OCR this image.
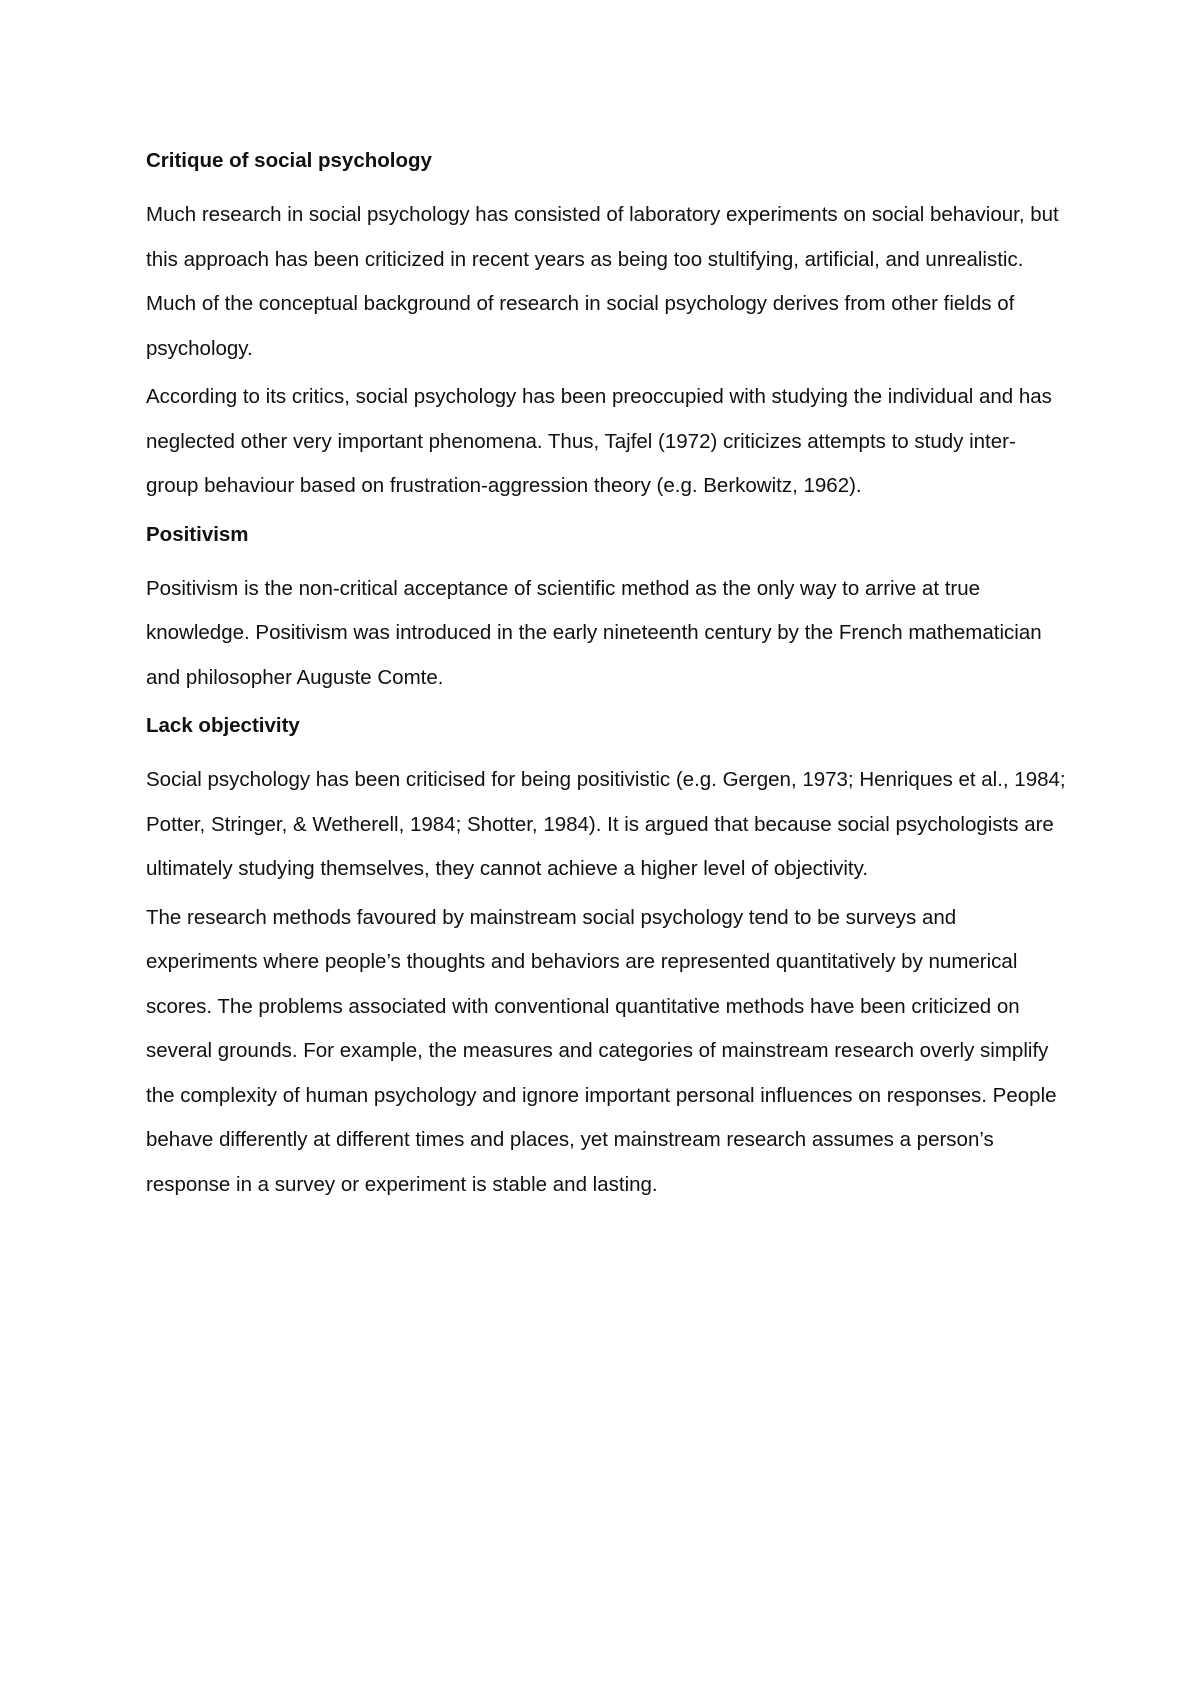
Critique of social psychology
Much research in social psychology has consisted of laboratory experiments on social behaviour, but this approach has been criticized in recent years as being too stultifying, artificial, and unrealistic. Much of the conceptual background of research in social psychology derives from other fields of psychology.
According to its critics, social psychology has been preoccupied with studying the individual and has neglected other very important phenomena. Thus, Tajfel (1972) criticizes attempts to study inter-group behaviour based on frustration-aggression theory (e.g. Berkowitz, 1962).
Positivism
Positivism is the non-critical acceptance of scientific method as the only way to arrive at true knowledge. Positivism was introduced in the early nineteenth century by the French mathematician and philosopher Auguste Comte.
Lack objectivity
Social psychology has been criticised for being positivistic (e.g. Gergen, 1973; Henriques et al., 1984; Potter, Stringer, & Wetherell, 1984; Shotter, 1984). It is argued that because social psychologists are ultimately studying themselves, they cannot achieve a higher level of objectivity.
The research methods favoured by mainstream social psychology tend to be surveys and experiments where people’s thoughts and behaviors are represented quantitatively by numerical scores. The problems associated with conventional quantitative methods have been criticized on several grounds. For example, the measures and categories of mainstream research overly simplify the complexity of human psychology and ignore important personal influences on responses. People behave differently at different times and places, yet mainstream research assumes a person’s response in a survey or experiment is stable and lasting.
